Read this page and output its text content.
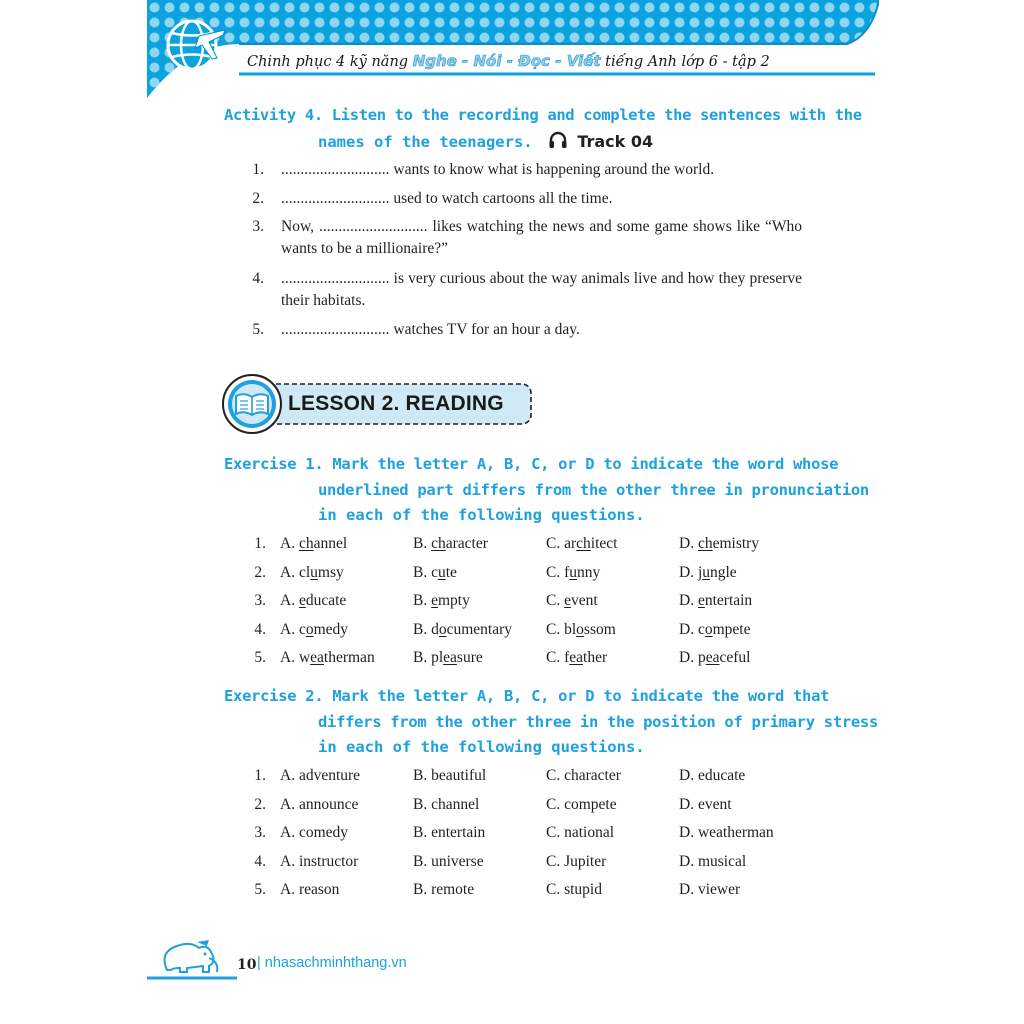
Chinh phục 4 kỹ năng Nghe - Nói - Đọc - Viết tiếng Anh lớp 6 - tập 2
Activity 4. Listen to the recording and complete the sentences with the
names of the teenagers.	Track 04
1. ............................ wants to know what is happening around the world.
2. ............................ used to watch cartoons all the time.
3. Now, ............................ likes watching the news and some game shows like “Who wants to be a millionaire?”
4. ............................ is very curious about the way animals live and how they preserve their habitats.
5. ............................ watches TV for an hour a day.
LESSON 2. READING
Exercise 1. Mark the letter A, B, C, or D to indicate the word whose
underlined part differs from the other three in pronunciation
in each of the following questions.
1. A. channel	B. character	C. architect	D. chemistry
2. A. clumsy	B. cute	C. funny	D. jungle
3. A. educate	B. empty	C. event	D. entertain
4. A. comedy	B. documentary C. blossom	D. compete
5. A. weatherman B. pleasure	C. feather	D. peaceful
Exercise 2. Mark the letter A, B, C, or D to indicate the word that
differs from the other three in the position of primary stress
in each of the following questions.
1. A. adventure	B. beautiful	C. character	D. educate
2. A. announce	B. channel	C. compete	D. event
3. A. comedy	B. entertain	C. national	D. weatherman
4. A. instructor	B. universe	C. Jupiter	D. musical
5. A. reason	B. remote	C. stupid	D. viewer
10 | nhasachminhthang.vn
